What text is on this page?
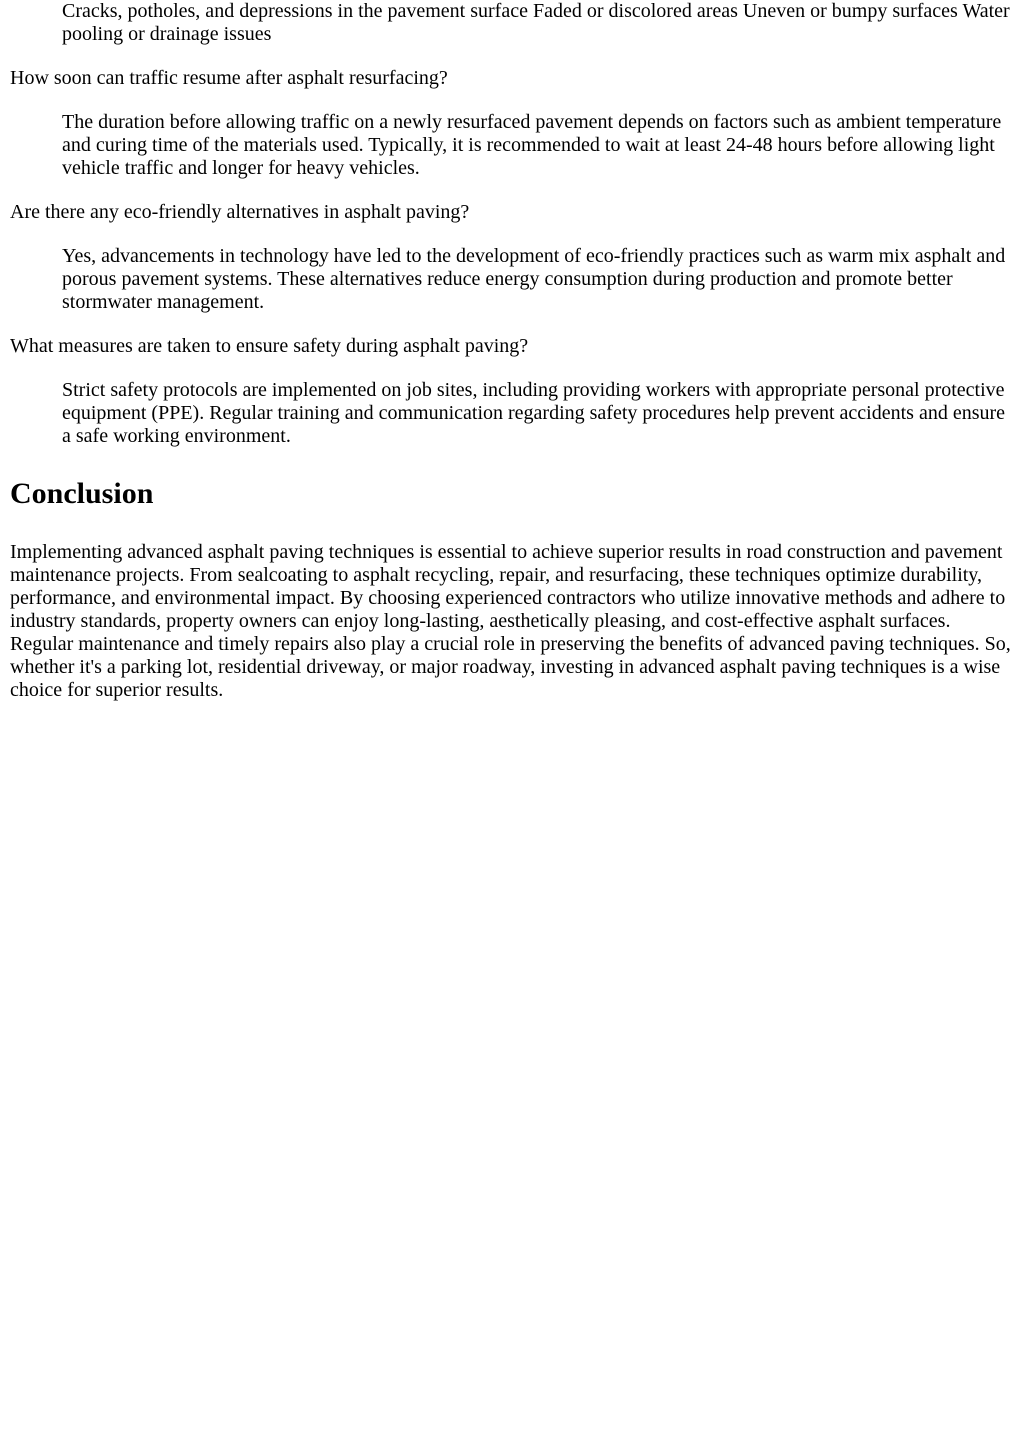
Cracks, potholes, and depressions in the pavement surface Faded or discolored areas Uneven or bumpy surfaces Water pooling or drainage issues

How soon can traffic resume after asphalt resurfacing?

The duration before allowing traffic on a newly resurfaced pavement depends on factors such as ambient temperature and curing time of the materials used. Typically, it is recommended to wait at least 24-48 hours before allowing light vehicle traffic and longer for heavy vehicles.

Are there any eco-friendly alternatives in asphalt paving?

Yes, advancements in technology have led to the development of eco-friendly practices such as warm mix asphalt and porous pavement systems. These alternatives reduce energy consumption during production and promote better stormwater management.

What measures are taken to ensure safety during asphalt paving?

Strict safety protocols are implemented on job sites, including providing workers with appropriate personal protective equipment (PPE). Regular training and communication regarding safety procedures help prevent accidents and ensure a safe working environment.

Conclusion

Implementing advanced asphalt paving techniques is essential to achieve superior results in road construction and pavement maintenance projects. From sealcoating to asphalt recycling, repair, and resurfacing, these techniques optimize durability, performance, and environmental impact. By choosing experienced contractors who utilize innovative methods and adhere to industry standards, property owners can enjoy long-lasting, aesthetically pleasing, and cost-effective asphalt surfaces. Regular maintenance and timely repairs also play a crucial role in preserving the benefits of advanced paving techniques. So, whether it's a parking lot, residential driveway, or major roadway, investing in advanced asphalt paving techniques is a wise choice for superior results.
